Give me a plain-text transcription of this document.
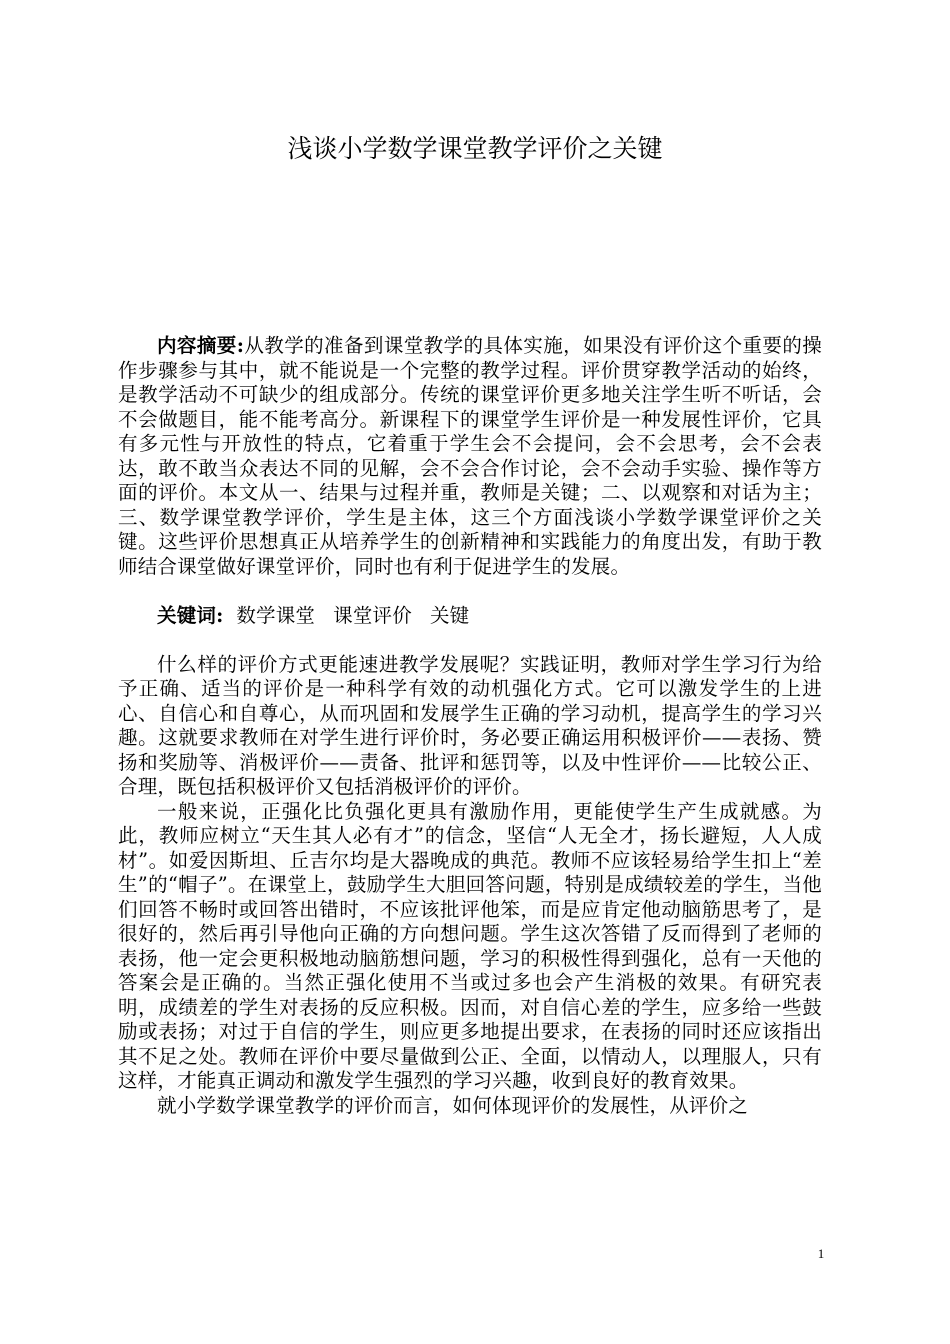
浅谈小学数学课堂教学评价之关键

内容摘要:从教学的准备到课堂教学的具体实施，如果没有评价这个重要的操作步骤参与其中，就不能说是一个完整的教学过程。评价贯穿教学活动的始终，是教学活动不可缺少的组成部分。传统的课堂评价更多地关注学生听不听话，会不会做题目，能不能考高分。新课程下的课堂学生评价是一种发展性评价，它具有多元性与开放性的特点，它着重于学生会不会提问，会不会思考，会不会表达，敢不敢当众表达不同的见解，会不会合作讨论，会不会动手实验、操作等方面的评价。本文从一、结果与过程并重，教师是关键；二、以观察和对话为主；三、数学课堂教学评价，学生是主体，这三个方面浅谈小学数学课堂评价之关键。这些评价思想真正从培养学生的创新精神和实践能力的角度出发，有助于教师结合课堂做好课堂评价，同时也有利于促进学生的发展。

关键词: 数学课堂 课堂评价 关键

什么样的评价方式更能速进教学发展呢？实践证明，教师对学生学习行为给予正确、适当的评价是一种科学有效的动机强化方式。它可以激发学生的上进心、自信心和自尊心，从而巩固和发展学生正确的学习动机，提高学生的学习兴趣。这就要求教师在对学生进行评价时，务必要正确运用积极评价——表扬、赞扬和奖励等、消极评价——责备、批评和惩罚等，以及中性评价——比较公正、合理，既包括积极评价又包括消极评价的评价。

一般来说，正强化比负强化更具有激励作用，更能使学生产生成就感。为此，教师应树立“天生其人必有才”的信念，坚信“人无全才，扬长避短，人人成材”。如爱因斯坦、丘吉尔均是大器晚成的典范。教师不应该轻易给学生扣上“差生”的“帽子”。在课堂上，鼓励学生大胆回答问题，特别是成绩较差的学生，当他们回答不畅时或回答出错时，不应该批评他笨，而是应肯定他动脑筋思考了，是很好的，然后再引导他向正确的方向想问题。学生这次答错了反而得到了老师的表扬，他一定会更积极地动脑筋想问题，学习的积极性得到强化，总有一天他的答案会是正确的。当然正强化使用不当或过多也会产生消极的效果。有研究表明，成绩差的学生对表扬的反应积极。因而，对自信心差的学生，应多给一些鼓励或表扬；对过于自信的学生，则应更多地提出要求，在表扬的同时还应该指出其不足之处。教师在评价中要尽量做到公正、全面，以情动人，以理服人，只有这样，才能真正调动和激发学生强烈的学习兴趣，收到良好的教育效果。

就小学数学课堂教学的评价而言，如何体现评价的发展性，从评价之

1
